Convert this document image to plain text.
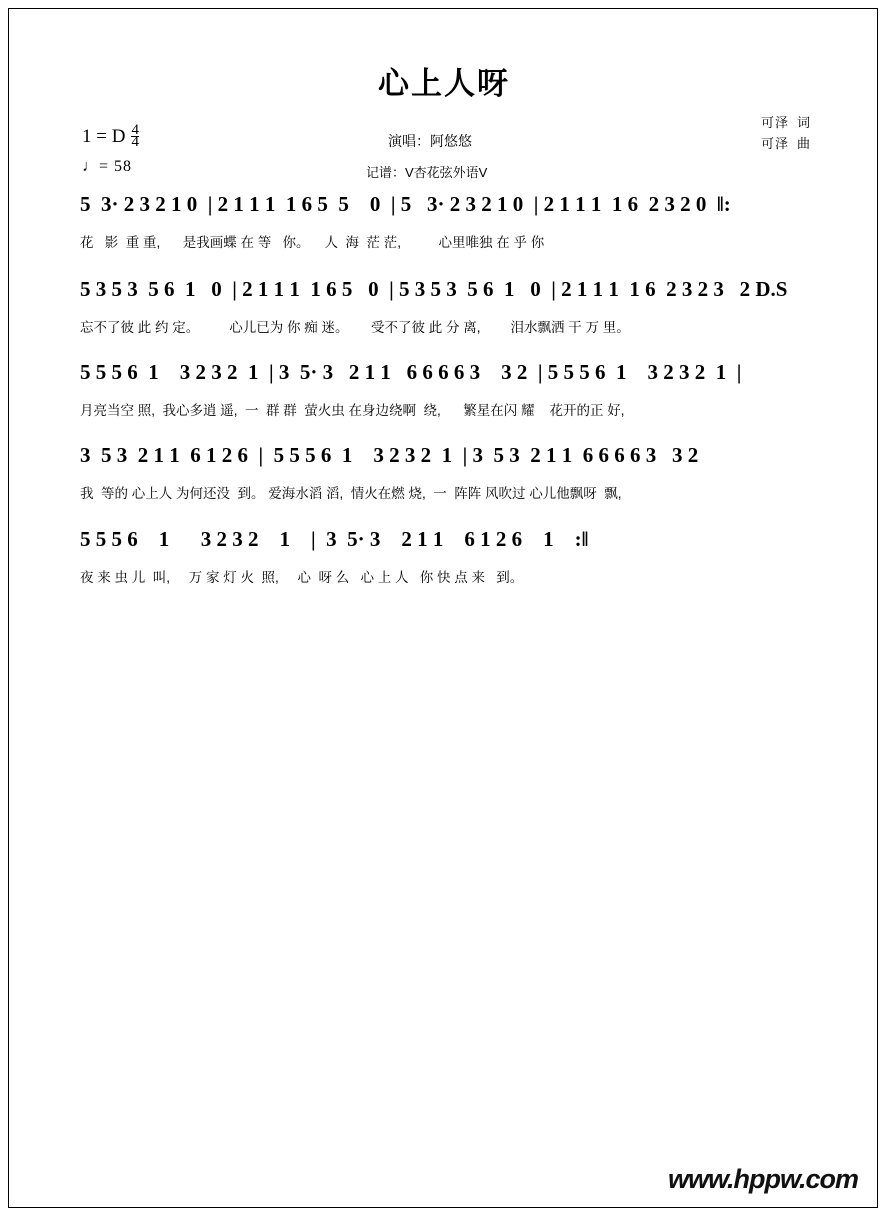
心上人呀
可泽 词
可泽 曲
演唱：阿悠悠
记谱：V杏花弦外语V
1 = D $\frac{4}{4}$
♩= 58
5  3· 2 3 2 1 0  | 2 1 1 1  1 6 5  5    0  | 5   3· 2 3 2 1 0  | 2 1 1 1  1 6  2 3 2 0  ‖:
花   影  重 重,      是我画蝶 在 等   你。    人  海  茫 茫,          心里唯独 在 乎 你
5 3 5 3  5 6  1   0  | 2 1 1 1  1 6 5   0  | 5 3 5 3  5 6  1   0  | 2 1 1 1  1 6  2 3 2 3   2 D.S
忘不了彼 此 约 定。        心儿已为 你 痴 迷。      受不了彼 此 分 离,        泪水飘洒 干 万 里。
5 5 5 6  1    3 2 3 2  1  | 3  5· 3   2 1 1   6 6 6 6 3    3 2  | 5 5 5 6  1    3 2 3 2  1  |
月亮当空 照,  我心多逍 遥,  一  群 群  萤火虫 在身边绕啊  绕,      繁星在闪 耀    花开的正 好,
3  5 3  2 1 1  6 1 2 6  |  5 5 5 6  1    3 2 3 2  1  | 3  5 3  2 1 1  6 6 6 6 3   3 2
我  等的 心上人 为何还没  到。 爱海水滔 滔,  情火在燃 烧,  一  阵阵 风吹过 心儿他飘呀  飘,
5 5 5 6    1      3 2 3 2    1    |  3  5· 3    2 1 1    6 1 2 6    1    :‖
夜 来 虫 儿  叫,     万 家 灯 火  照,     心  呀 么   心 上 人   你 快 点 来   到。
www.hppw.com
